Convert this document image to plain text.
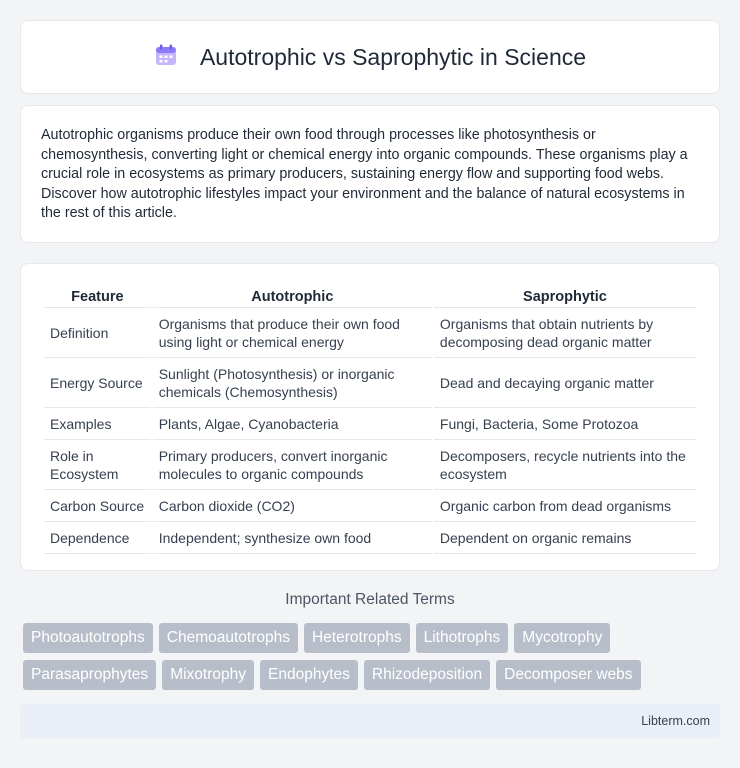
Autotrophic vs Saprophytic in Science

Autotrophic organisms produce their own food through processes like photosynthesis or chemosynthesis, converting light or chemical energy into organic compounds. These organisms play a crucial role in ecosystems as primary producers, sustaining energy flow and supporting food webs. Discover how autotrophic lifestyles impact your environment and the balance of natural ecosystems in the rest of this article.

Feature	Autotrophic	Saprophytic
Definition	Organisms that produce their own food using light or chemical energy	Organisms that obtain nutrients by decomposing dead organic matter
Energy Source	Sunlight (Photosynthesis) or inorganic chemicals (Chemosynthesis)	Dead and decaying organic matter
Examples	Plants, Algae, Cyanobacteria	Fungi, Bacteria, Some Protozoa
Role in Ecosystem	Primary producers, convert inorganic molecules to organic compounds	Decomposers, recycle nutrients into the ecosystem
Carbon Source	Carbon dioxide (CO2)	Organic carbon from dead organisms
Dependence	Independent; synthesize own food	Dependent on organic remains
Important Related Terms
Photoautotrophs	Chemoautotrophs	Heterotrophs	Lithotrophs	Mycotrophy
Parasaprophytes	Mixotrophy	Endophytes	Rhizodeposition	Decomposer webs
Libterm.com
